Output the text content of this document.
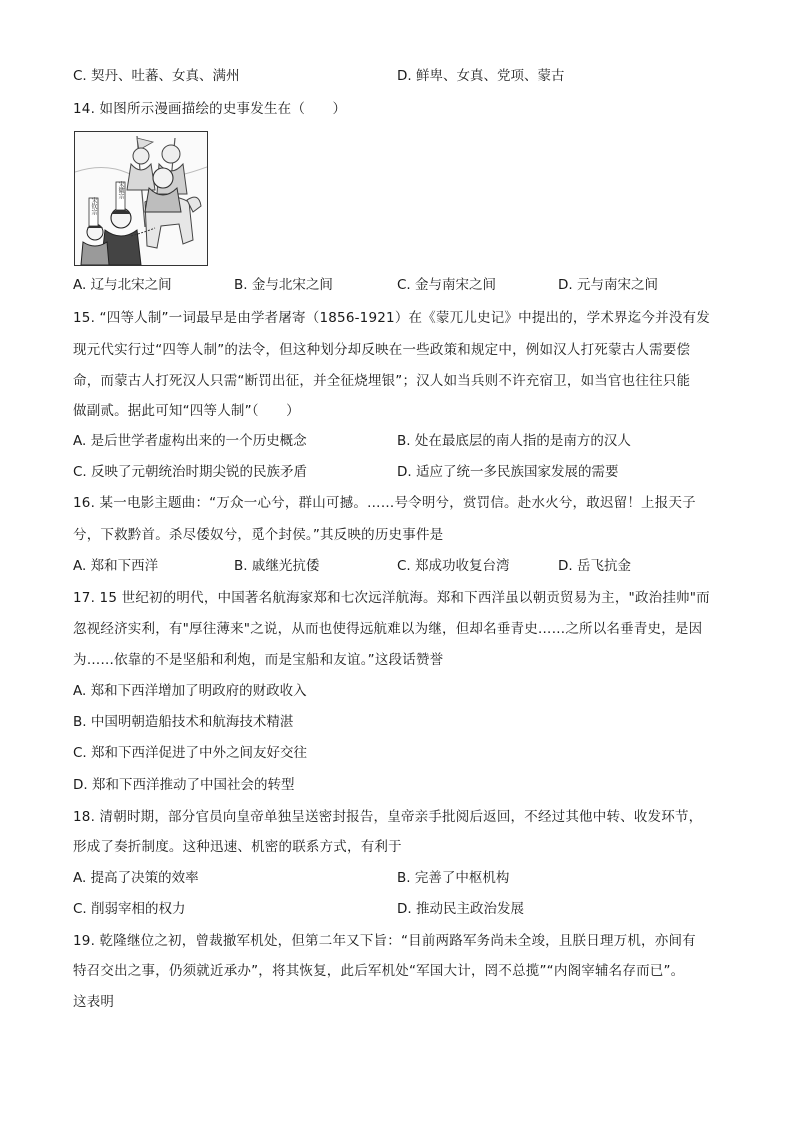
C. 契丹、吐蕃、女真、满州	D. 鲜卑、女真、党项、蒙古
14. 如图所示漫画描绘的史事发生在（　　）
宋钦宗
宋徽宗
A. 辽与北宋之间	B. 金与北宋之间	C. 金与南宋之间	D. 元与南宋之间
15. “四等人制”一词最早是由学者屠寄（1856-1921）在《蒙兀儿史记》中提出的，学术界迄今并没有发
现元代实行过“四等人制”的法令，但这种划分却反映在一些政策和规定中，例如汉人打死蒙古人需要偿
命，而蒙古人打死汉人只需“断罚出征，并全征烧埋银”；汉人如当兵则不许充宿卫，如当官也往往只能
做副贰。据此可知“四等人制”（　　）
A. 是后世学者虚构出来的一个历史概念	B. 处在最底层的南人指的是南方的汉人
C. 反映了元朝统治时期尖锐的民族矛盾	D. 适应了统一多民族国家发展的需要
16. 某一电影主题曲：“万众一心兮，群山可撼。……号令明兮，赏罚信。赴水火兮，敢迟留！上报天子
兮，下救黔首。杀尽倭奴兮，觅个封侯。”其反映的历史事件是
A. 郑和下西洋	B. 戚继光抗倭	C. 郑成功收复台湾	D. 岳飞抗金
17. 15 世纪初的明代，中国著名航海家郑和七次远洋航海。郑和下西洋虽以朝贡贸易为主，"政治挂帅"而
忽视经济实利，有"厚往薄来"之说，从而也使得远航难以为继，但却名垂青史……之所以名垂青史，是因
为……依靠的不是坚船和利炮，而是宝船和友谊。”这段话赞誉
A. 郑和下西洋增加了明政府的财政收入
B. 中国明朝造船技术和航海技术精湛
C. 郑和下西洋促进了中外之间友好交往
D. 郑和下西洋推动了中国社会的转型
18. 清朝时期，部分官员向皇帝单独呈送密封报告，皇帝亲手批阅后返回，不经过其他中转、收发环节，
形成了奏折制度。这种迅速、机密的联系方式，有利于
A. 提高了决策的效率	B. 完善了中枢机构
C. 削弱宰相的权力	D. 推动民主政治发展
19. 乾隆继位之初，曾裁撤军机处，但第二年又下旨：“目前两路军务尚未全竣，且朕日理万机，亦间有
特召交出之事，仍须就近承办”，将其恢复，此后军机处“军国大计，罔不总揽”“内阁宰辅名存而已”。
这表明
